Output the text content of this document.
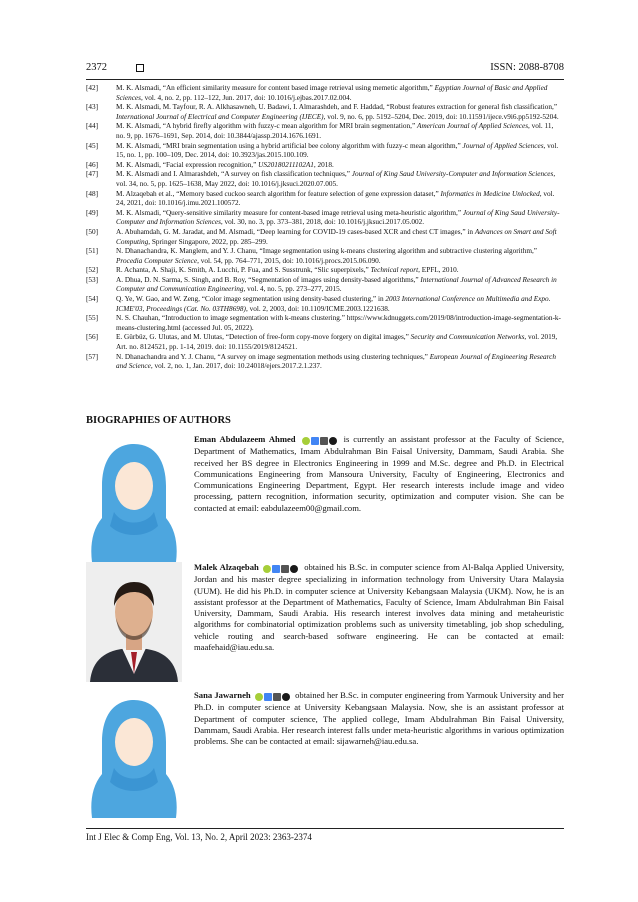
2372	ISSN: 2088-8708
[42] M. K. Alsmadi, “An efficient similarity measure for content based image retrieval using memetic algorithm,” Egyptian Journal of Basic and Applied Sciences, vol. 4, no. 2, pp. 112–122, Jun. 2017, doi: 10.1016/j.ejbas.2017.02.004.
[43] M. K. Alsmadi, M. Tayfour, R. A. Alkhasawneh, U. Badawi, I. Almarashdeh, and F. Haddad, “Robust features extraction for general fish classification,” International Journal of Electrical and Computer Engineering (IJECE), vol. 9, no. 6, pp. 5192–5204, Dec. 2019, doi: 10.11591/ijece.v9i6.pp5192-5204.
[44] M. K. Alsmadi, “A hybrid firefly algorithm with fuzzy-c mean algorithm for MRI brain segmentation,” American Journal of Applied Sciences, vol. 11, no. 9, pp. 1676–1691, Sep. 2014, doi: 10.3844/ajassp.2014.1676.1691.
[45] M. K. Alsmadi, “MRI brain segmentation using a hybrid artificial bee colony algorithm with fuzzy-c mean algorithm,” Journal of Applied Sciences, vol. 15, no. 1, pp. 100–109, Dec. 2014, doi: 10.3923/jas.2015.100.109.
[46] M. K. Alsmadi, “Facial expression recognition,” US20180211102A1, 2018.
[47] M. K. Alsmadi and I. Almarashdeh, “A survey on fish classification techniques,” Journal of King Saud University-Computer and Information Sciences, vol. 34, no. 5, pp. 1625–1638, May 2022, doi: 10.1016/j.jksuci.2020.07.005.
[48] M. Alzaqebah et al., “Memory based cuckoo search algorithm for feature selection of gene expression dataset,” Informatics in Medicine Unlocked, vol. 24, 2021, doi: 10.1016/j.imu.2021.100572.
[49] M. K. Alsmadi, “Query-sensitive similarity measure for content-based image retrieval using meta-heuristic algorithm,” Journal of King Saud University-Computer and Information Sciences, vol. 30, no. 3, pp. 373–381, 2018, doi: 10.1016/j.jksuci.2017.05.002.
[50] A. Abuhamdah, G. M. Jaradat, and M. Alsmadi, “Deep learning for COVID-19 cases-based XCR and chest CT images,” in Advances on Smart and Soft Computing, Springer Singapore, 2022, pp. 285–299.
[51] N. Dhanachandra, K. Manglem, and Y. J. Chanu, “Image segmentation using k-means clustering algorithm and subtractive clustering algorithm,” Procedia Computer Science, vol. 54, pp. 764–771, 2015, doi: 10.1016/j.procs.2015.06.090.
[52] R. Achanta, A. Shaji, K. Smith, A. Lucchi, P. Fua, and S. Susstrunk, “Slic superpixels,” Technical report, EPFL, 2010.
[53] A. Dhua, D. N. Sarma, S. Singh, and B. Roy, “Segmentation of images using density-based algorithms,” International Journal of Advanced Research in Computer and Communication Engineering, vol. 4, no. 5, pp. 273–277, 2015.
[54] Q. Ye, W. Gao, and W. Zeng, “Color image segmentation using density-based clustering,” in 2003 International Conference on Multimedia and Expo. ICME'03, Proceedings (Cat. No. 03TH8698), vol. 2, 2003, doi: 10.1109/ICME.2003.1221638.
[55] N. S. Chauhan, “Introduction to image segmentation with k-means clustering.” https://www.kdnuggets.com/2019/08/introduction-image-segmentation-k-means-clustering.html (accessed Jul. 05, 2022).
[56] E. Gürbüz, G. Ulutas, and M. Ulutas, “Detection of free-form copy-move forgery on digital images,” Security and Communication Networks, vol. 2019, Art. no. 8124521, pp. 1-14, 2019. doi: 10.1155/2019/8124521.
[57] N. Dhanachandra and Y. J. Chanu, “A survey on image segmentation methods using clustering techniques,” European Journal of Engineering Research and Science, vol. 2, no. 1, Jan. 2017, doi: 10.24018/ejers.2017.2.1.237.
BIOGRAPHIES OF AUTHORS
Eman Abdulazeem Ahmed	is currently an assistant professor at the Faculty of Science, Department of Mathematics, Imam Abdulrahman Bin Faisal University, Dammam, Saudi Arabia. She received her BS degree in Electronics Engineering in 1999 and M.Sc. degree and Ph.D. in Electrical Communications Engineering from Mansoura University, Faculty of Engineering, Electronics and Communications Engineering Department, Egypt. Her research interests include image and video processing, pattern recognition, information security, optimization and computer vision. She can be contacted at email: eabdulazeem00@gmail.com.
Malek Alzaqebah	obtained his B.Sc. in computer science from Al-Balqa Applied University, Jordan and his master degree specializing in information technology from University Utara Malaysia (UUM). He did his Ph.D. in computer science at University Kebangsaan Malaysia (UKM). Now, he is an assistant professor at the Department of Mathematics, Faculty of Science, Imam Abdulrahman Bin Faisal University, Dammam, Saudi Arabia. His research interest involves data mining and metaheuristic algorithms for combinatorial optimization problems such as university timetabling, job shop scheduling, vehicle routing and search-based software engineering. He can be contacted at email: maafehaid@iau.edu.sa.
Sana Jawarneh	obtained her B.Sc. in computer engineering from Yarmouk University and her Ph.D. in computer science at University Kebangsaan Malaysia. Now, she is an assistant professor at Department of computer science, The applied college, Imam Abdulrahman Bin Faisal University, Dammam, Saudi Arabia. Her research interest falls under meta-heuristic algorithms in various optimization problems. She can be contacted at email: sijawarneh@iau.edu.sa.
Int J Elec & Comp Eng, Vol. 13, No. 2, April 2023: 2363-2374
